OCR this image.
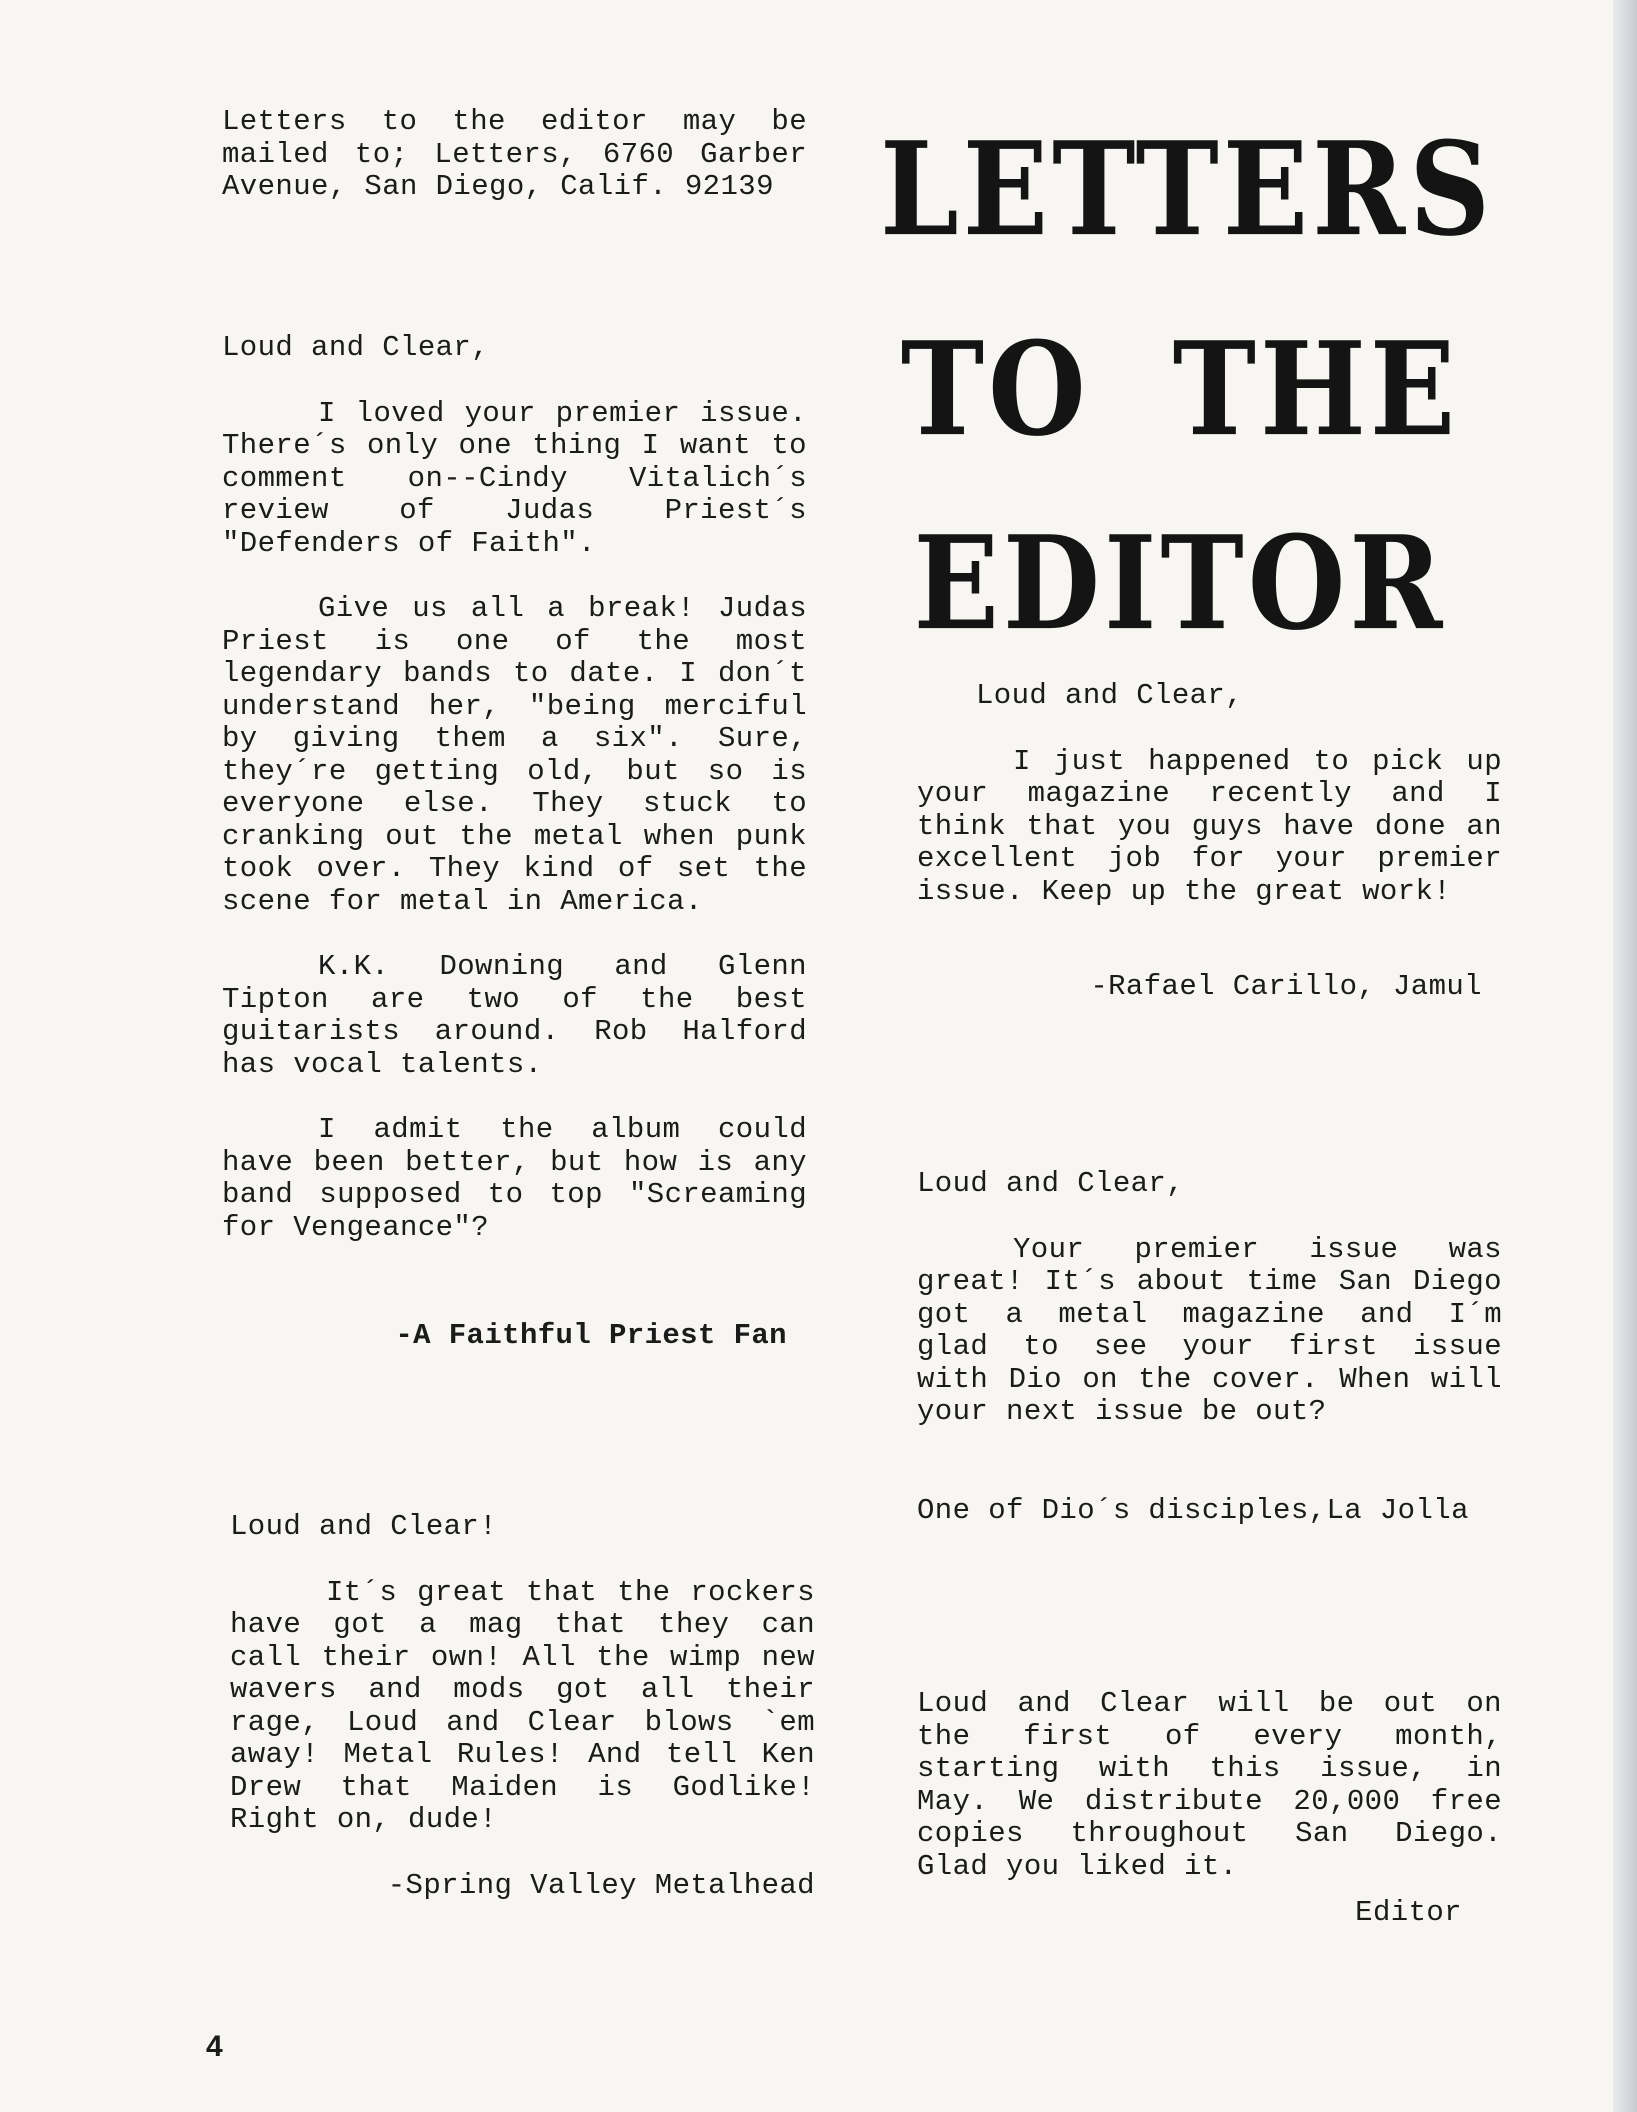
Letters to the editor may be mailed to; Letters, 6760 Garber Avenue, San Diego, Calif. 92139

Loud and Clear,

I loved your premier issue. There´s only one thing I want to comment on--Cindy Vitalich´s review of Judas Priest´s "Defenders of Faith".

Give us all a break! Judas Priest is one of the most legendary bands to date. I don´t understand her, "being merciful by giving them a six". Sure, they´re getting old, but so is everyone else. They stuck to cranking out the metal when punk took over. They kind of set the scene for metal in America.

K.K. Downing and Glenn Tipton are two of the best guitarists around. Rob Halford has vocal talents.

I admit the album could have been better, but how is any band supposed to top "Screaming for Vengeance"?

-A Faithful Priest Fan

Loud and Clear!

It´s great that the rockers have got a mag that they can call their own! All the wimp new wavers and mods got all their rage, Loud and Clear blows `em away! Metal Rules! And tell Ken Drew that Maiden is Godlike! Right on, dude!

-Spring Valley Metalhead

LETTERS
TO THE
EDITOR

Loud and Clear,

I just happened to pick up your magazine recently and I think that you guys have done an excellent job for your premier issue. Keep up the great work!

-Rafael Carillo, Jamul

Loud and Clear,

Your premier issue was great! It´s about time San Diego got a metal magazine and I´m glad to see your first issue with Dio on the cover. When will your next issue be out?

One of Dio´s disciples,La Jolla

Loud and Clear will be out on the first of every month, starting with this issue, in May. We distribute 20,000 free copies throughout San Diego. Glad you liked it.

Editor

4
